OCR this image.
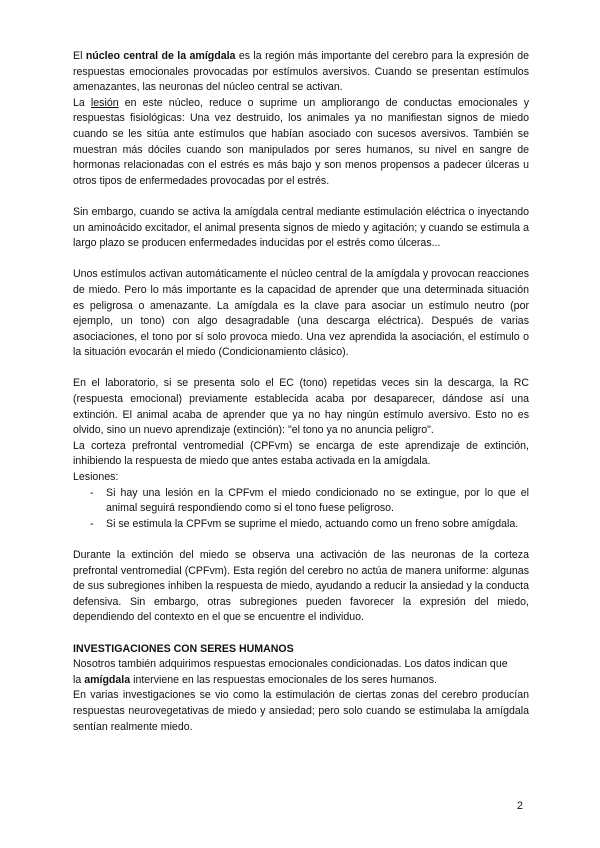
El núcleo central de la amígdala es la región más importante del cerebro para la expresión de respuestas emocionales provocadas por estímulos aversivos. Cuando se presentan estímulos amenazantes, las neuronas del núcleo central se activan.

La lesión en este núcleo, reduce o suprime un ampliorango de conductas emocionales y respuestas fisiológicas: Una vez destruido, los animales ya no manifiestan signos de miedo cuando se les sitúa ante estímulos que habían asociado con sucesos aversivos. También se muestran más dóciles cuando son manipulados por seres humanos, su nivel en sangre de hormonas relacionadas con el estrés es más bajo y son menos propensos a padecer úlceras u otros tipos de enfermedades provocadas por el estrés.

Sin embargo, cuando se activa la amígdala central mediante estimulación eléctrica o inyectando un aminoácido excitador, el animal presenta signos de miedo y agitación; y cuando se estimula a largo plazo se producen enfermedades inducidas por el estrés como úlceras...

Unos estímulos activan automáticamente el núcleo central de la amígdala y provocan reacciones de miedo. Pero lo más importante es la capacidad de aprender que una determinada situación es peligrosa o amenazante. La amígdala es la clave para asociar un estímulo neutro (por ejemplo, un tono) con algo desagradable (una descarga eléctrica). Después de varias asociaciones, el tono por sí solo provoca miedo. Una vez aprendida la asociación, el estímulo o la situación evocarán el miedo (Condicionamiento clásico).

En el laboratorio, si se presenta solo el EC (tono) repetidas veces sin la descarga, la RC (respuesta emocional) previamente establecida acaba por desaparecer, dándose así una extinción. El animal acaba de aprender que ya no hay ningún estímulo aversivo. Esto no es olvido, sino un nuevo aprendizaje (extinción): "el tono ya no anuncia peligro".

La corteza prefrontal ventromedial (CPFvm) se encarga de este aprendizaje de extinción, inhibiendo la respuesta de miedo que antes estaba activada en la amígdala.

Lesiones:

- Si hay una lesión en la CPFvm el miedo condicionado no se extingue, por lo que el animal seguirá respondiendo como si el tono fuese peligroso.
- Si se estimula la CPFvm se suprime el miedo, actuando como un freno sobre amígdala.

Durante la extinción del miedo se observa una activación de las neuronas de la corteza prefrontal ventromedial (CPFvm). Esta región del cerebro no actúa de manera uniforme: algunas de sus subregiones inhiben la respuesta de miedo, ayudando a reducir la ansiedad y la conducta defensiva. Sin embargo, otras subregiones pueden favorecer la expresión del miedo, dependiendo del contexto en el que se encuentre el individuo.

INVESTIGACIONES CON SERES HUMANOS

Nosotros también adquirimos respuestas emocionales condicionadas. Los datos indican que

la amígdala interviene en las respuestas emocionales de los seres humanos.

En varias investigaciones se vio como la estimulación de ciertas zonas del cerebro producían respuestas neurovegetativas de miedo y ansiedad; pero solo cuando se estimulaba la amígdala sentían realmente miedo.

2
